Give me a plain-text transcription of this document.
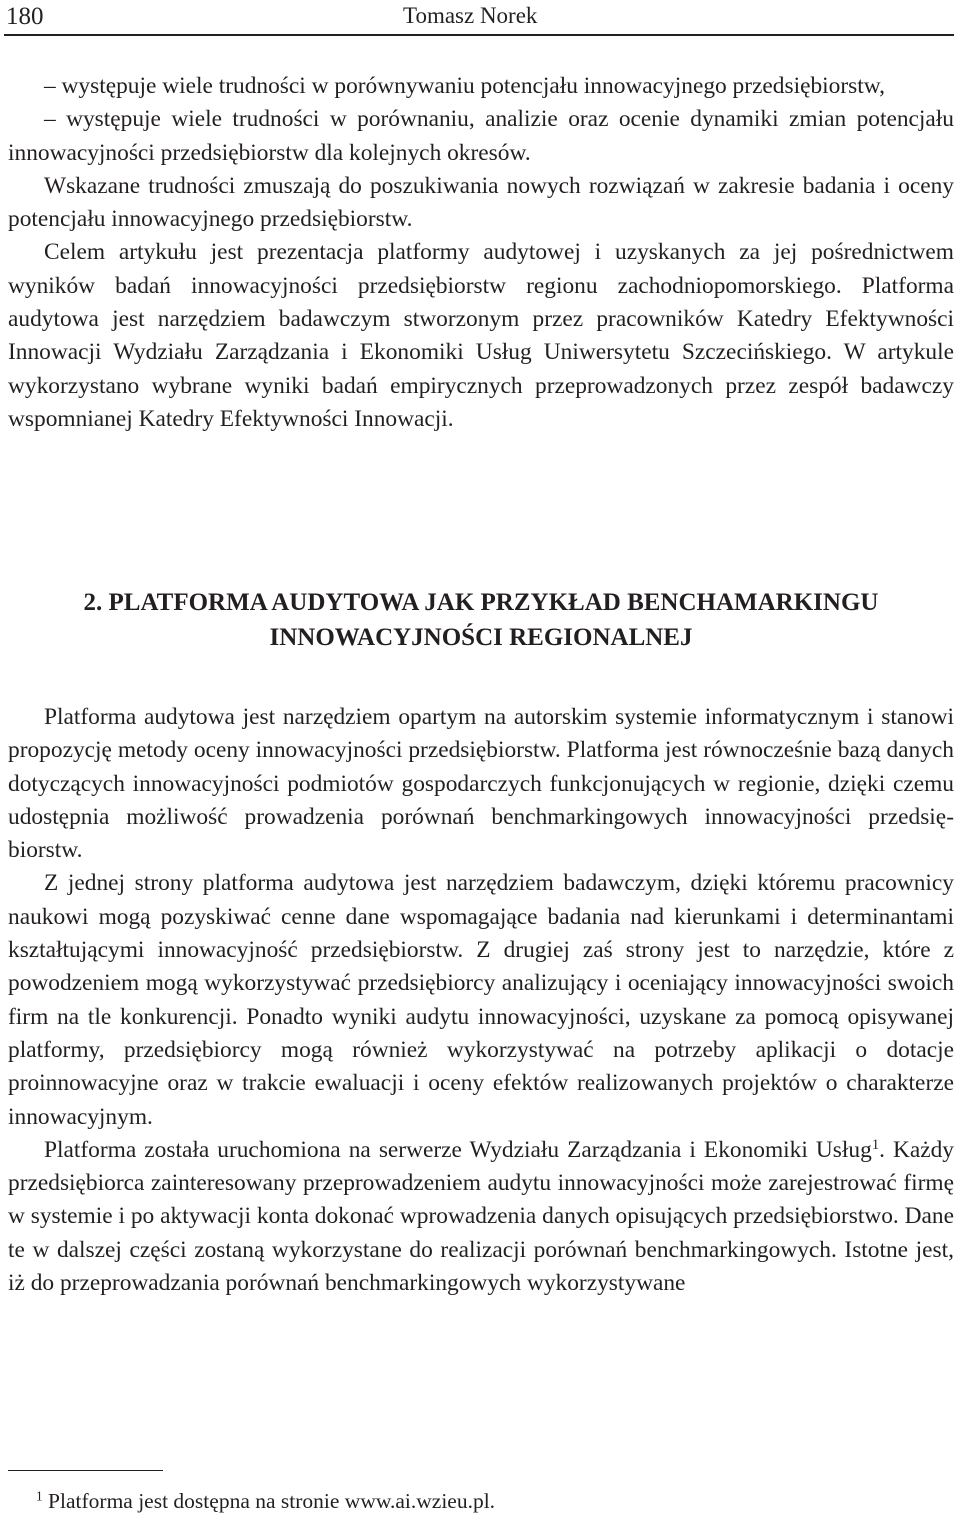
180	Tomasz Norek

– występuje wiele trudności w porównywaniu potencjału innowacyjnego przedsiębiorstw,

– występuje wiele trudności w porównaniu, analizie oraz ocenie dynamiki zmian potencjału innowacyjności przedsiębiorstw dla kolejnych okresów.

Wskazane trudności zmuszają do poszukiwania nowych rozwiązań w zakresie badania i oceny potencjału innowacyjnego przedsiębiorstw.

Celem artykułu jest prezentacja platformy audytowej i uzyskanych za jej pośrednictwem wyników badań innowacyjności przedsiębiorstw regionu zachodniopomorskiego. Platforma audytowa jest narzędziem badawczym stworzonym przez pracowników Katedry Efektywności Innowacji Wydziału Zarządzania i Ekonomiki Usług Uniwersytetu Szczecińskiego. W artykule wykorzystano wybrane wyniki badań empirycznych przeprowadzonych przez zespół badawczy wspomnianej Katedry Efektywności Innowacji.

2. PLATFORMA AUDYTOWA JAK PRZYKŁAD BENCHAMARKINGU
INNOWACYJNOŚCI REGIONALNEJ

Platforma audytowa jest narzędziem opartym na autorskim systemie informatycznym i stanowi propozycję metody oceny innowacyjności przedsiębiorstw. Platforma jest równocześnie bazą danych dotyczących innowacyjności podmiotów gospodarczych funkcjonujących w regionie, dzięki czemu udostępnia możliwość prowadzenia porównań benchmarkingowych innowacyjności przedsiębiorstw.

Z jednej strony platforma audytowa jest narzędziem badawczym, dzięki któremu pracownicy naukowi mogą pozyskiwać cenne dane wspomagające badania nad kierunkami i determinantami kształtującymi innowacyjność przedsiębiorstw. Z drugiej zaś strony jest to narzędzie, które z powodzeniem mogą wykorzystywać przedsiębiorcy analizujący i oceniający innowacyjności swoich firm na tle konkurencji. Ponadto wyniki audytu innowacyjności, uzyskane za pomocą opisywanej platformy, przedsiębiorcy mogą również wykorzystywać na potrzeby aplikacji o dotacje proinnowacyjne oraz w trakcie ewaluacji i oceny efektów realizowanych projektów o charakterze innowacyjnym.

Platforma została uruchomiona na serwerze Wydziału Zarządzania i Ekonomiki Usług$^1$. Każdy przedsiębiorca zainteresowany przeprowadzeniem audytu innowacyjności może zarejestrować firmę w systemie i po aktywacji konta dokonać wprowadzenia danych opisujących przedsiębiorstwo. Dane te w dalszej części zostaną wykorzystane do realizacji porównań benchmarkingowych. Istotne jest, iż do przeprowadzania porównań benchmarkingowych wykorzystywane

$^1$ Platforma jest dostępna na stronie www.ai.wzieu.pl.
